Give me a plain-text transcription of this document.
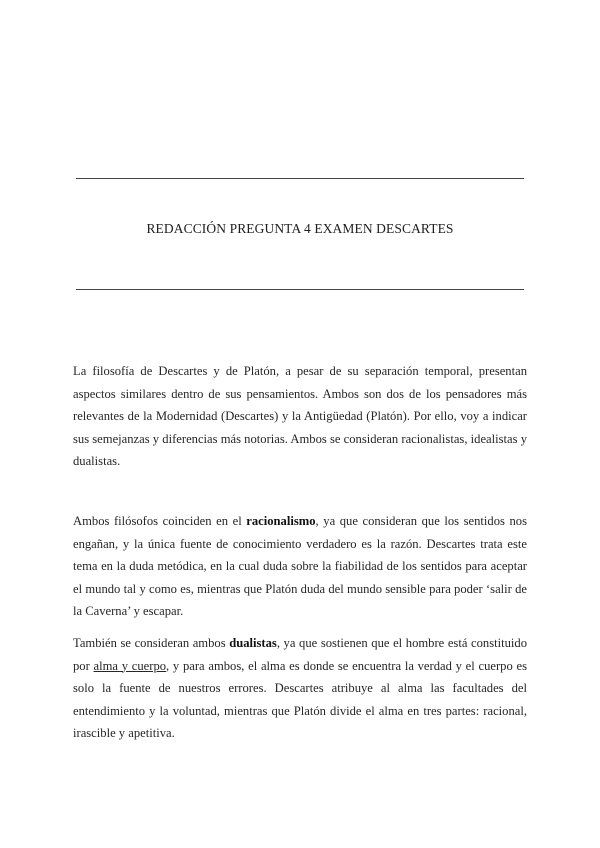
REDACCIÓN PREGUNTA 4 EXAMEN DESCARTES

La filosofía de Descartes y de Platón, a pesar de su separación temporal, presentan aspectos similares dentro de sus pensamientos. Ambos son dos de los pensadores más relevantes de la Modernidad (Descartes) y la Antigüedad (Platón). Por ello, voy a indicar sus semejanzas y diferencias más notorias. Ambos se consideran racionalistas, idealistas y dualistas.

Ambos filósofos coinciden en el racionalismo, ya que consideran que los sentidos nos engañan, y la única fuente de conocimiento verdadero es la razón. Descartes trata este tema en la duda metódica, en la cual duda sobre la fiabilidad de los sentidos para aceptar el mundo tal y como es, mientras que Platón duda del mundo sensible para poder ‘salir de la Caverna’ y escapar.

También se consideran ambos dualistas, ya que sostienen que el hombre está constituido por alma y cuerpo, y para ambos, el alma es donde se encuentra la verdad y el cuerpo es solo la fuente de nuestros errores. Descartes atribuye al alma las facultades del entendimiento y la voluntad, mientras que Platón divide el alma en tres partes: racional, irascible y apetitiva.
